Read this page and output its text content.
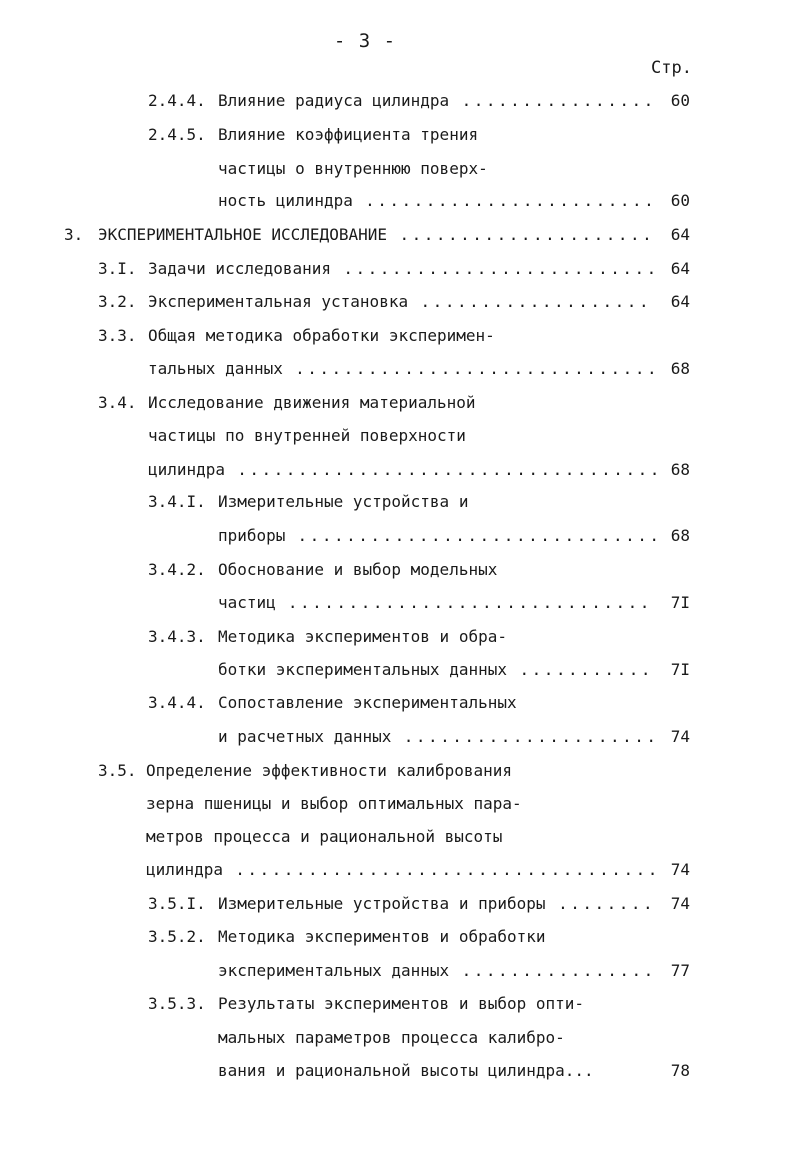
- 3 -
Стр.
2.4.4. Влияние радиуса цилиндра ................ 60
2.4.5. Влияние коэффициента трения
частицы о внутреннюю поверх-
ность цилиндра ........................ 60
3. ЭКСПЕРИМЕНТАЛЬНОЕ ИССЛЕДОВАНИЕ .....................	64
3.I. Задачи исследования .......................... 64
3.2. Экспериментальная установка ...................	64
3.3. Общая методика обработки эксперимен-
тальных данных .............................. 68
3.4. Исследование движения материальной
частицы по внутренней поверхности
цилиндра ................................... 68
3.4.I. Измерительные устройства и
приборы .............................. 68
3.4.2. Обоснование и выбор модельных
частиц ..............................	7I
3.4.3. Методика экспериментов и обра-
ботки экспериментальных данных ...........	7I
3.4.4. Сопоставление экспериментальных
и расчетных данных ..................... 74
3.5. Определение эффективности калибрования
зерна пшеницы и выбор оптимальных пара-
метров процесса и рациональной высоты
цилиндра ................................... 74
3.5.I. Измерительные устройства и приборы ........ 74
3.5.2. Методика экспериментов и обработки
экспериментальных данных ................ 77
3.5.3. Результаты экспериментов и выбор опти-
мальных параметров процесса калибро-
вания и рациональной высоты цилиндра...	78
